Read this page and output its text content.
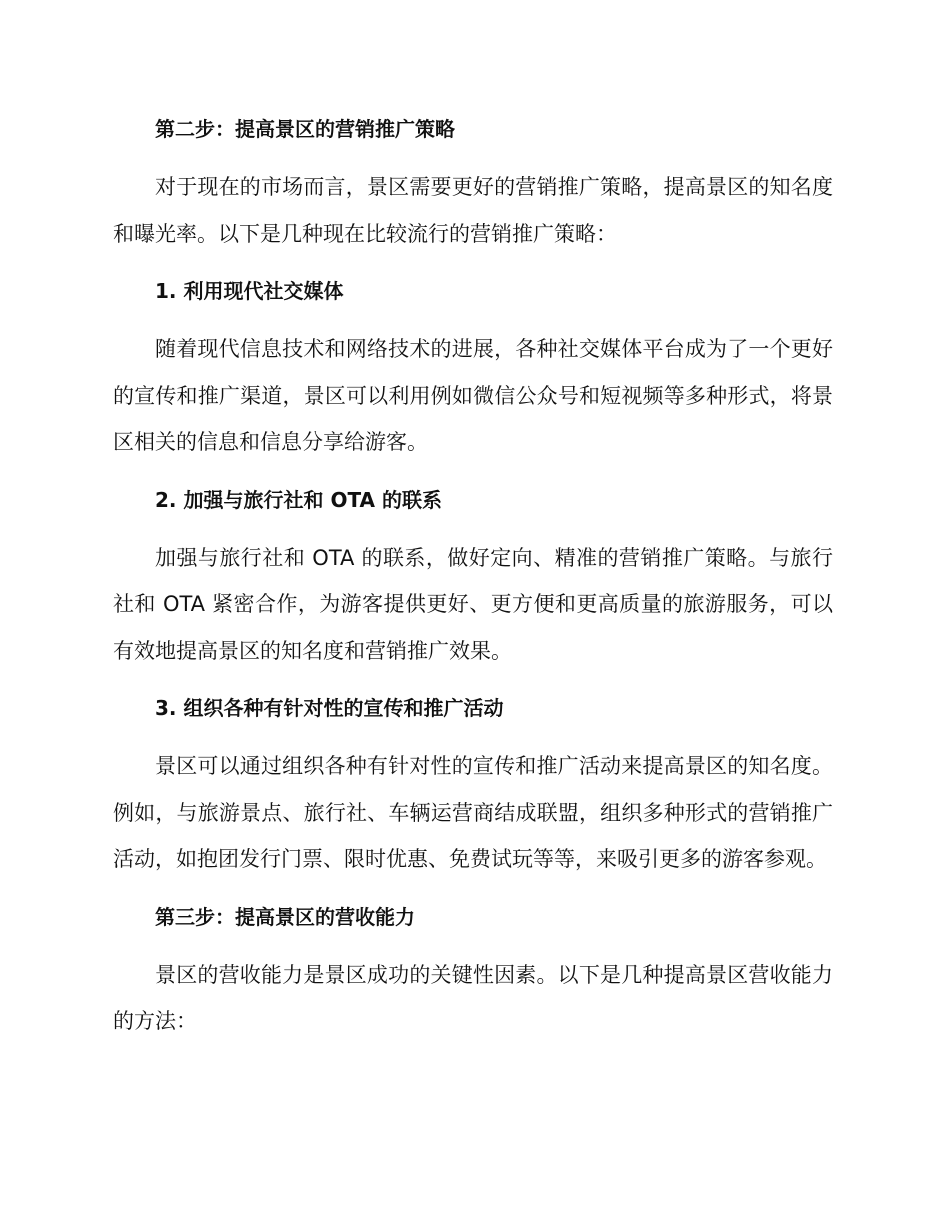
第二步：提高景区的营销推广策略

对于现在的市场而言，景区需要更好的营销推广策略，提高景区的知名度和曝光率。以下是几种现在比较流行的营销推广策略：

1. 利用现代社交媒体

随着现代信息技术和网络技术的进展，各种社交媒体平台成为了一个更好的宣传和推广渠道，景区可以利用例如微信公众号和短视频等多种形式，将景区相关的信息和信息分享给游客。

2. 加强与旅行社和 OTA 的联系

加强与旅行社和 OTA 的联系，做好定向、精准的营销推广策略。与旅行社和 OTA 紧密合作，为游客提供更好、更方便和更高质量的旅游服务，可以有效地提高景区的知名度和营销推广效果。

3. 组织各种有针对性的宣传和推广活动

景区可以通过组织各种有针对性的宣传和推广活动来提高景区的知名度。例如，与旅游景点、旅行社、车辆运营商结成联盟，组织多种形式的营销推广活动，如抱团发行门票、限时优惠、免费试玩等等，来吸引更多的游客参观。

第三步：提高景区的营收能力

景区的营收能力是景区成功的关键性因素。以下是几种提高景区营收能力的方法：
